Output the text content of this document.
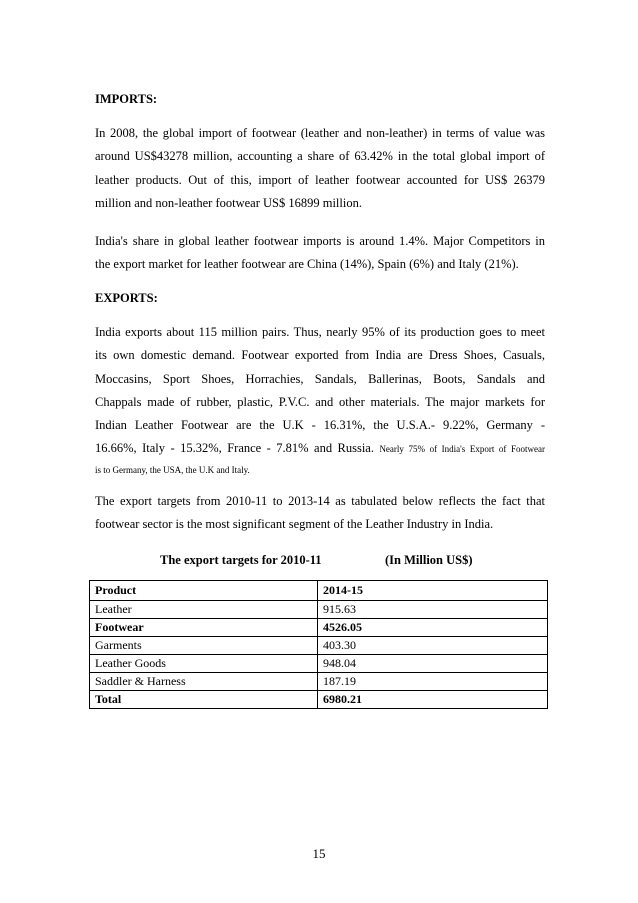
IMPORTS:
In 2008, the global import of footwear (leather and non-leather) in terms of value was
around US$43278 million, accounting a share of 63.42% in the total global import of
leather products. Out of this, import of leather footwear accounted for US$ 26379
million and non-leather footwear US$ 16899 million.
India's share in global leather footwear imports is around 1.4%. Major Competitors in
the export market for leather footwear are China (14%), Spain (6%) and Italy (21%).
EXPORTS:
India exports about 115 million pairs. Thus, nearly 95% of its production goes to meet
its own domestic demand. Footwear exported from India are Dress Shoes, Casuals,
Moccasins, Sport Shoes, Horrachies, Sandals, Ballerinas, Boots, Sandals and
Chappals made of rubber, plastic, P.V.C. and other materials. The major markets for
Indian Leather Footwear are the U.K - 16.31%, the U.S.A.- 9.22%, Germany -
16.66%, Italy - 15.32%, France - 7.81% and Russia. Nearly 75% of India's Export of Footwear
is to Germany, the USA, the U.K and Italy.
The export targets from 2010-11 to 2013-14 as tabulated below reflects the fact that
footwear sector is the most significant segment of the Leather Industry in India.
The export targets for 2010-11	(In Million US$)
Product	2014-15
Leather	915.63
Footwear	4526.05
Garments	403.30
Leather Goods	948.04
Saddler & Harness	187.19
Total	6980.21
15
